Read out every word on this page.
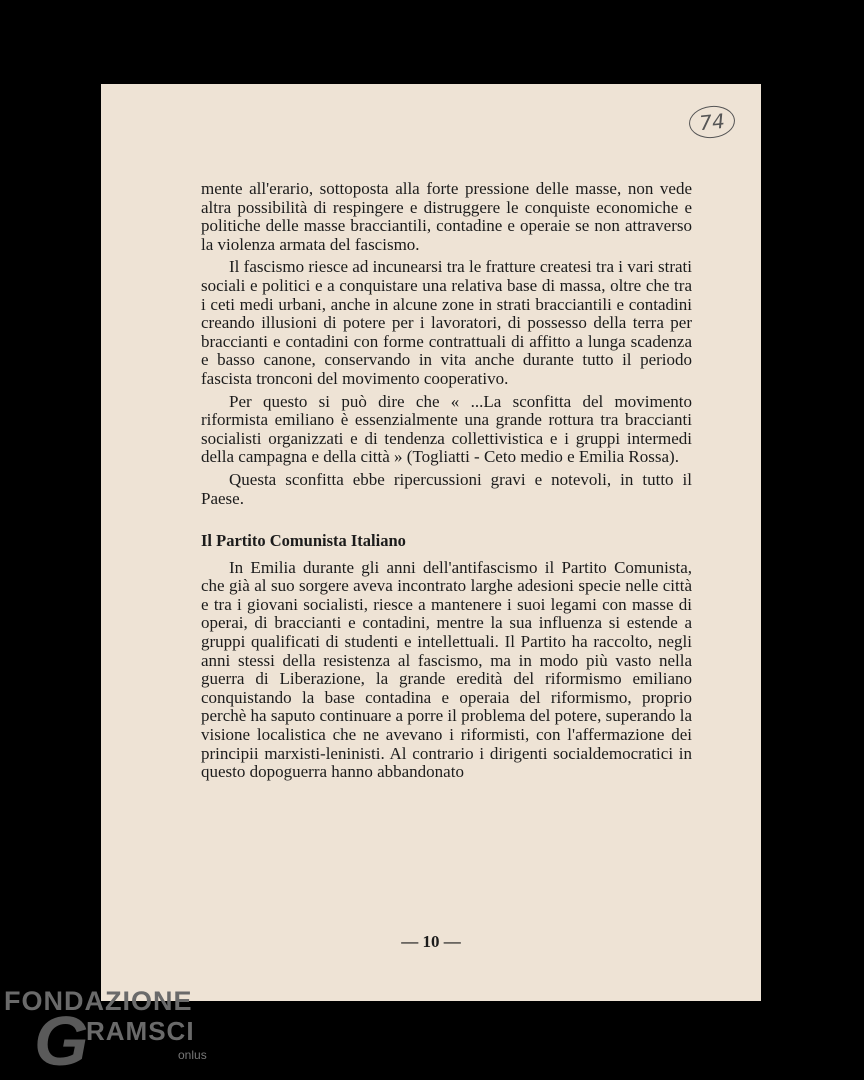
74

mente all'erario, sottoposta alla forte pressione delle masse, non vede altra possibilità di respingere e distruggere le conquiste economiche e politiche delle masse bracciantili, contadine e operaie se non attraverso la violenza armata del fascismo.

Il fascismo riesce ad incunearsi tra le fratture createsi tra i vari strati sociali e politici e a conquistare una relativa base di massa, oltre che tra i ceti medi urbani, anche in alcune zone in strati bracciantili e contadini creando illusioni di potere per i lavoratori, di possesso della terra per braccianti e contadini con forme contrattuali di affitto a lunga scadenza e basso canone, conservando in vita anche durante tutto il periodo fascista tronconi del movimento cooperativo.

Per questo si può dire che « ...La sconfitta del movimento riformista emiliano è essenzialmente una grande rottura tra braccianti socialisti organizzati e di tendenza collettivistica e i gruppi intermedi della campagna e della città » (Togliatti - Ceto medio e Emilia Rossa).

Questa sconfitta ebbe ripercussioni gravi e notevoli, in tutto il Paese.

Il Partito Comunista Italiano

In Emilia durante gli anni dell'antifascismo il Partito Comunista, che già al suo sorgere aveva incontrato larghe adesioni specie nelle città e tra i giovani socialisti, riesce a mantenere i suoi legami con masse di operai, di braccianti e contadini, mentre la sua influenza si estende a gruppi qualificati di studenti e intellettuali. Il Partito ha raccolto, negli anni stessi della resistenza al fascismo, ma in modo più vasto nella guerra di Liberazione, la grande eredità del riformismo emiliano conquistando la base contadina e operaia del riformismo, proprio perchè ha saputo continuare a porre il problema del potere, superando la visione localistica che ne avevano i riformisti, con l'affermazione dei principii marxisti-leninisti. Al contrario i dirigenti socialdemocratici in questo dopoguerra hanno abbandonato

— 10 —
FONDAZIONE
G
RAMSCI
onlus
